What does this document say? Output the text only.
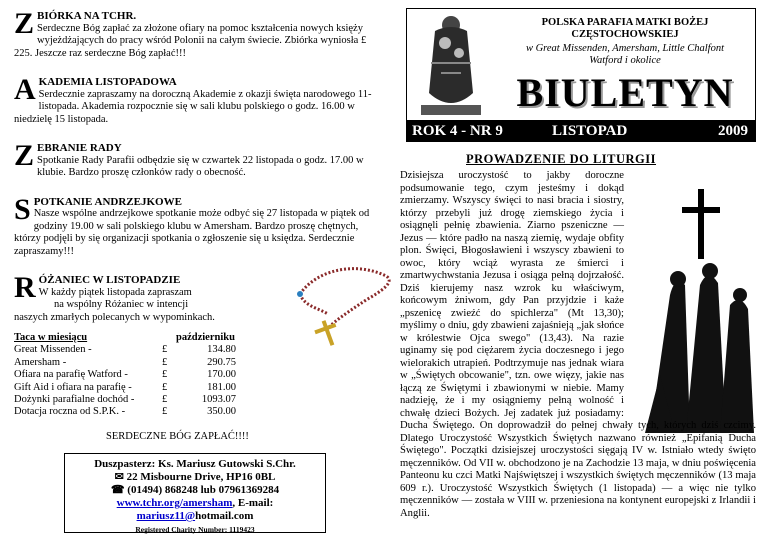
Z BIÓRKA NA TCHR.
Serdeczne Bóg zapłać za złożone ofiary na pomoc kształcenia nowych księży wyjeżdżających do pracy wśród Polonii na całym świecie. Zbiórka wyniosła £ 225. Jeszcze raz serdeczne Bóg zapłać!!!
A KADEMIA LISTOPADOWA
Serdecznie zapraszamy na doroczną Akademie z okazji święta narodowego 11-listopada. Akademia rozpocznie się w sali klubu polskiego o godz. 16.00 w niedzielę 15 listopada.
Z EBRANIE RADY
Spotkanie Rady Parafii odbędzie się w czwartek 22 listopada o godz. 17.00 w klubie. Bardzo proszę członków rady o obecność.
S POTKANIE ANDRZEJKOWE
Nasze wspólne andrzejkowe spotkanie może odbyć się 27 listopada w piątek od godziny 19.00 w sali polskiego klubu w Amersham. Bardzo proszę chętnych, którzy podjęli by się organizacji spotkania o zgłoszenie się u księdza. Serdecznie zapraszamy!!!
R ÓŻANIEC W LISTOPADZIE
W każdy piątek listopada zapraszam
na wspólny Różaniec w intencji
naszych zmarłych polecanych w wypominkach.
Taca w miesiącu		październiku
Great Missenden -	£	134.80
Amersham -	£	290.75
Ofiara na parafię Watford -	£	170.00
Gift Aid i ofiara na parafię -	£	181.00
Dożynki parafialne dochód -	£	1093.07
Dotacja roczna od S.P.K. -	£	350.00
SERDECZNE BÓG ZAPŁAĆ!!!!
Duszpasterz: Ks. Mariusz Gutowski S.Chr.
✉ 22 Misbourne Drive, HP16 0BL
☎ (01494) 868248 lub 07961369284
www.tchr.org/amersham, E-mail: mariusz11@hotmail.com
Registered Charity Number: 1119423
POLSKA PARAFIA MATKI BOŻEJ
CZĘSTOCHOWSKIEJ
w Great Missenden, Amersham, Little Chalfont
Watford i okolice
BIULETYN
ROK 4 - NR 9	LISTOPAD	2009
PROWADZENIE DO LITURGII
Dzisiejsza uroczystość to jakby doroczne podsumowanie tego, czym jesteśmy i dokąd zmierzamy. Wszyscy święci to nasi bracia i siostry, którzy przebyli już drogę ziemskiego życia i osiągnęli pełnię zbawienia. Ziarno pszeniczne — Jezus — które padło na naszą ziemię, wydaje obfity plon. Święci, Błogosławieni i wszyscy zbawieni to owoc, który wciąż wyrasta ze śmierci i zmartwychwstania Jezusa i osiąga pełną dojrzałość. Dziś kierujemy nasz wzrok ku właściwym, końcowym żniwom, gdy Pan przyjdzie i każe „pszenicę zwieźć do spichlerza" (Mt 13,30); myślimy o dniu, gdy zbawieni zajaśnieją „jak słońce w królestwie Ojca swego" (13,43). Na razie uginamy się pod ciężarem życia doczesnego i jego wielorakich utrapień. Podtrzymuje nas jednak wiara w „Świętych obcowanie", tzn. owe więzy, jakie nas łączą ze Świętymi i zbawionymi w niebie. Mamy nadzieję, że i my osiągniemy pełną wolność i chwałę dzieci Bożych. Jej zadatek już posiadamy: Ducha Świętego. On doprowadził do pełnej chwały tych, których dziś czcimy. Dlatego Uroczystość Wszystkich Świętych nazwano również „Epifanią Ducha Świętego". Początki dzisiejszej uroczystości sięgają IV w. Istniało wtedy święto męczenników. Od VII w. obchodzono je na Zachodzie 13 maja, w dniu poświęcenia Panteonu ku czci Matki Najświętszej i wszystkich świętych męczenników (13 maja 609 r.). Uroczystość Wszystkich Świętych (1 listopada) — a więc nie tylko męczenników — została w VIII w. przeniesiona na kontynent europejski z Irlandii i Anglii.
